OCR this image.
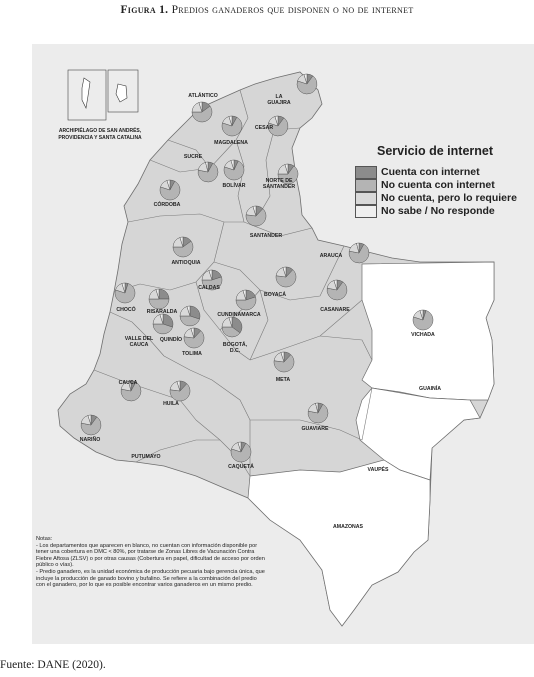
Figura 1. Predios ganaderos que disponen o no de internet
ARCHIPIÉLAGO DE SAN ANDRÉS,
PROVIDENCIA Y SANTA CATALINA
LA GUAJIRA
ATLÁNTICO
CESAR
MAGDALENA
SUCRE
NORTE DE SANTANDER
BOLÍVAR
CÓRDOBA
SANTANDER
ANTIOQUIA
ARAUCA
CALDAS
BOYACÁ
CASANARE
CHOCÓ RISARALDA	CUNDINAMARCA
VICHADA
VALLE DEL CAUCA
QUINDÍO
TOLIMA
BOGOTÁ, D.C.
META
CAUCA
HUILA
GUAINÍA
GUAVIARE
NARIÑO
PUTUMAYO
CAQUETÁ	VAUPÉS
AMAZONAS
Servicio de internet
Cuenta con internet
No cuenta con internet
No cuenta, pero lo requiere
No sabe / No responde
Notas:
- Los departamentos que aparecen en blanco, no cuentan con información disponible por tener una cobertura en DMC < 80%, por tratarse de Zonas Libres de Vacunación Contra Fiebre Aftosa (ZLSV) o por otras causas (Cobertura en papel, dificultad de acceso por orden público o vías).
- Predio ganadero, es la unidad económica de producción pecuaria bajo gerencia única, que incluye la producción de ganado bovino y bufalino. Se refiere a la combinación del predio con el ganadero, por lo que es posible encontrar varios ganaderos en un mismo predio.
Fuente: DANE (2020).
